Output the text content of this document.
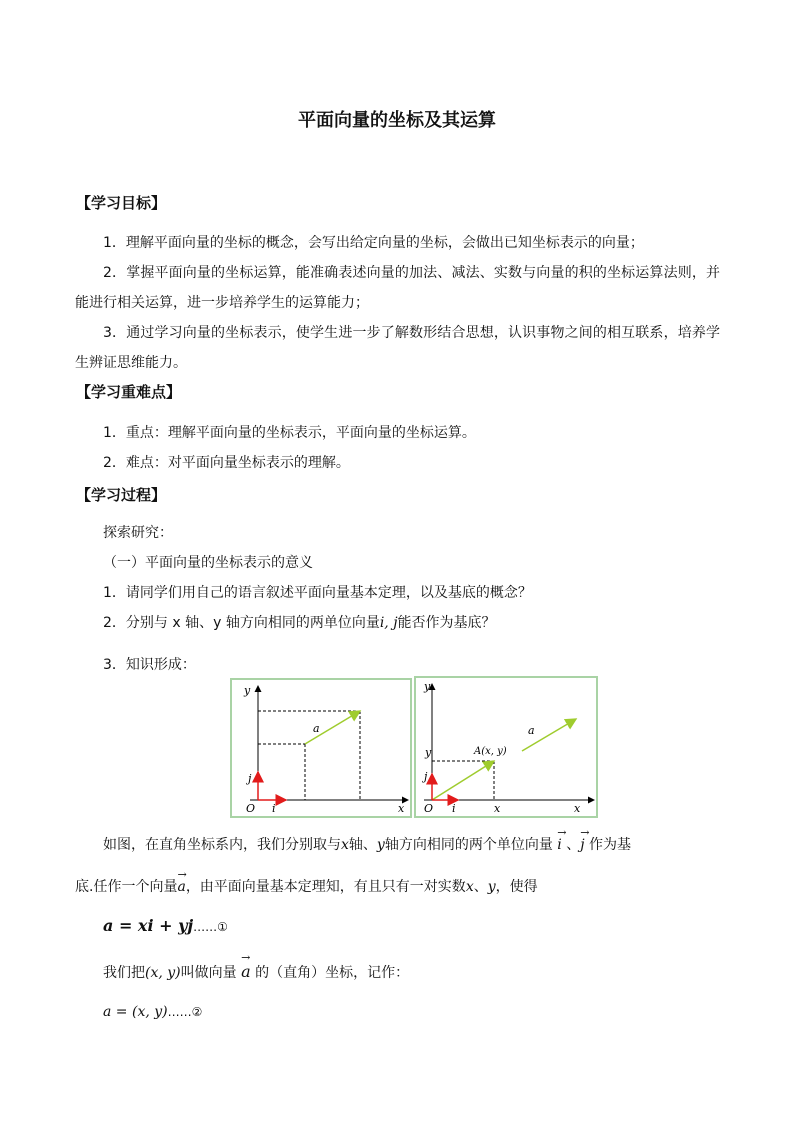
平面向量的坐标及其运算
【学习目标】
1．理解平面向量的坐标的概念，会写出给定向量的坐标，会做出已知坐标表示的向量；
2．掌握平面向量的坐标运算，能准确表述向量的加法、减法、实数与向量的积的坐标运算法则，并能进行相关运算，进一步培养学生的运算能力；
3．通过学习向量的坐标表示，使学生进一步了解数形结合思想，认识事物之间的相互联系，培养学生辨证思维能力。
【学习重难点】
1．重点：理解平面向量的坐标表示，平面向量的坐标运算。
2．难点：对平面向量坐标表示的理解。
【学习过程】
探索研究：
（一）平面向量的坐标表示的意义
1．请同学们用自己的语言叙述平面向量基本定理，以及基底的概念？
2．分别与 x 轴、y 轴方向相同的两单位向量i, j能否作为基底？
3．知识形成：
y
x
O
a
j
i
y
x
O
y
x
A(x, y)
a
j
i
如图，在直角坐标系内，我们分别取与x轴、y轴方向相同的两个单位向量 → i 、→ j 作为基
底.任作一个向量→ a，由平面向量基本定理知，有且只有一对实数x、y，使得
a = xi + yj……①
我们把(x, y)叫做向量 → a 的（直角）坐标，记作：
a = (x, y)……②
